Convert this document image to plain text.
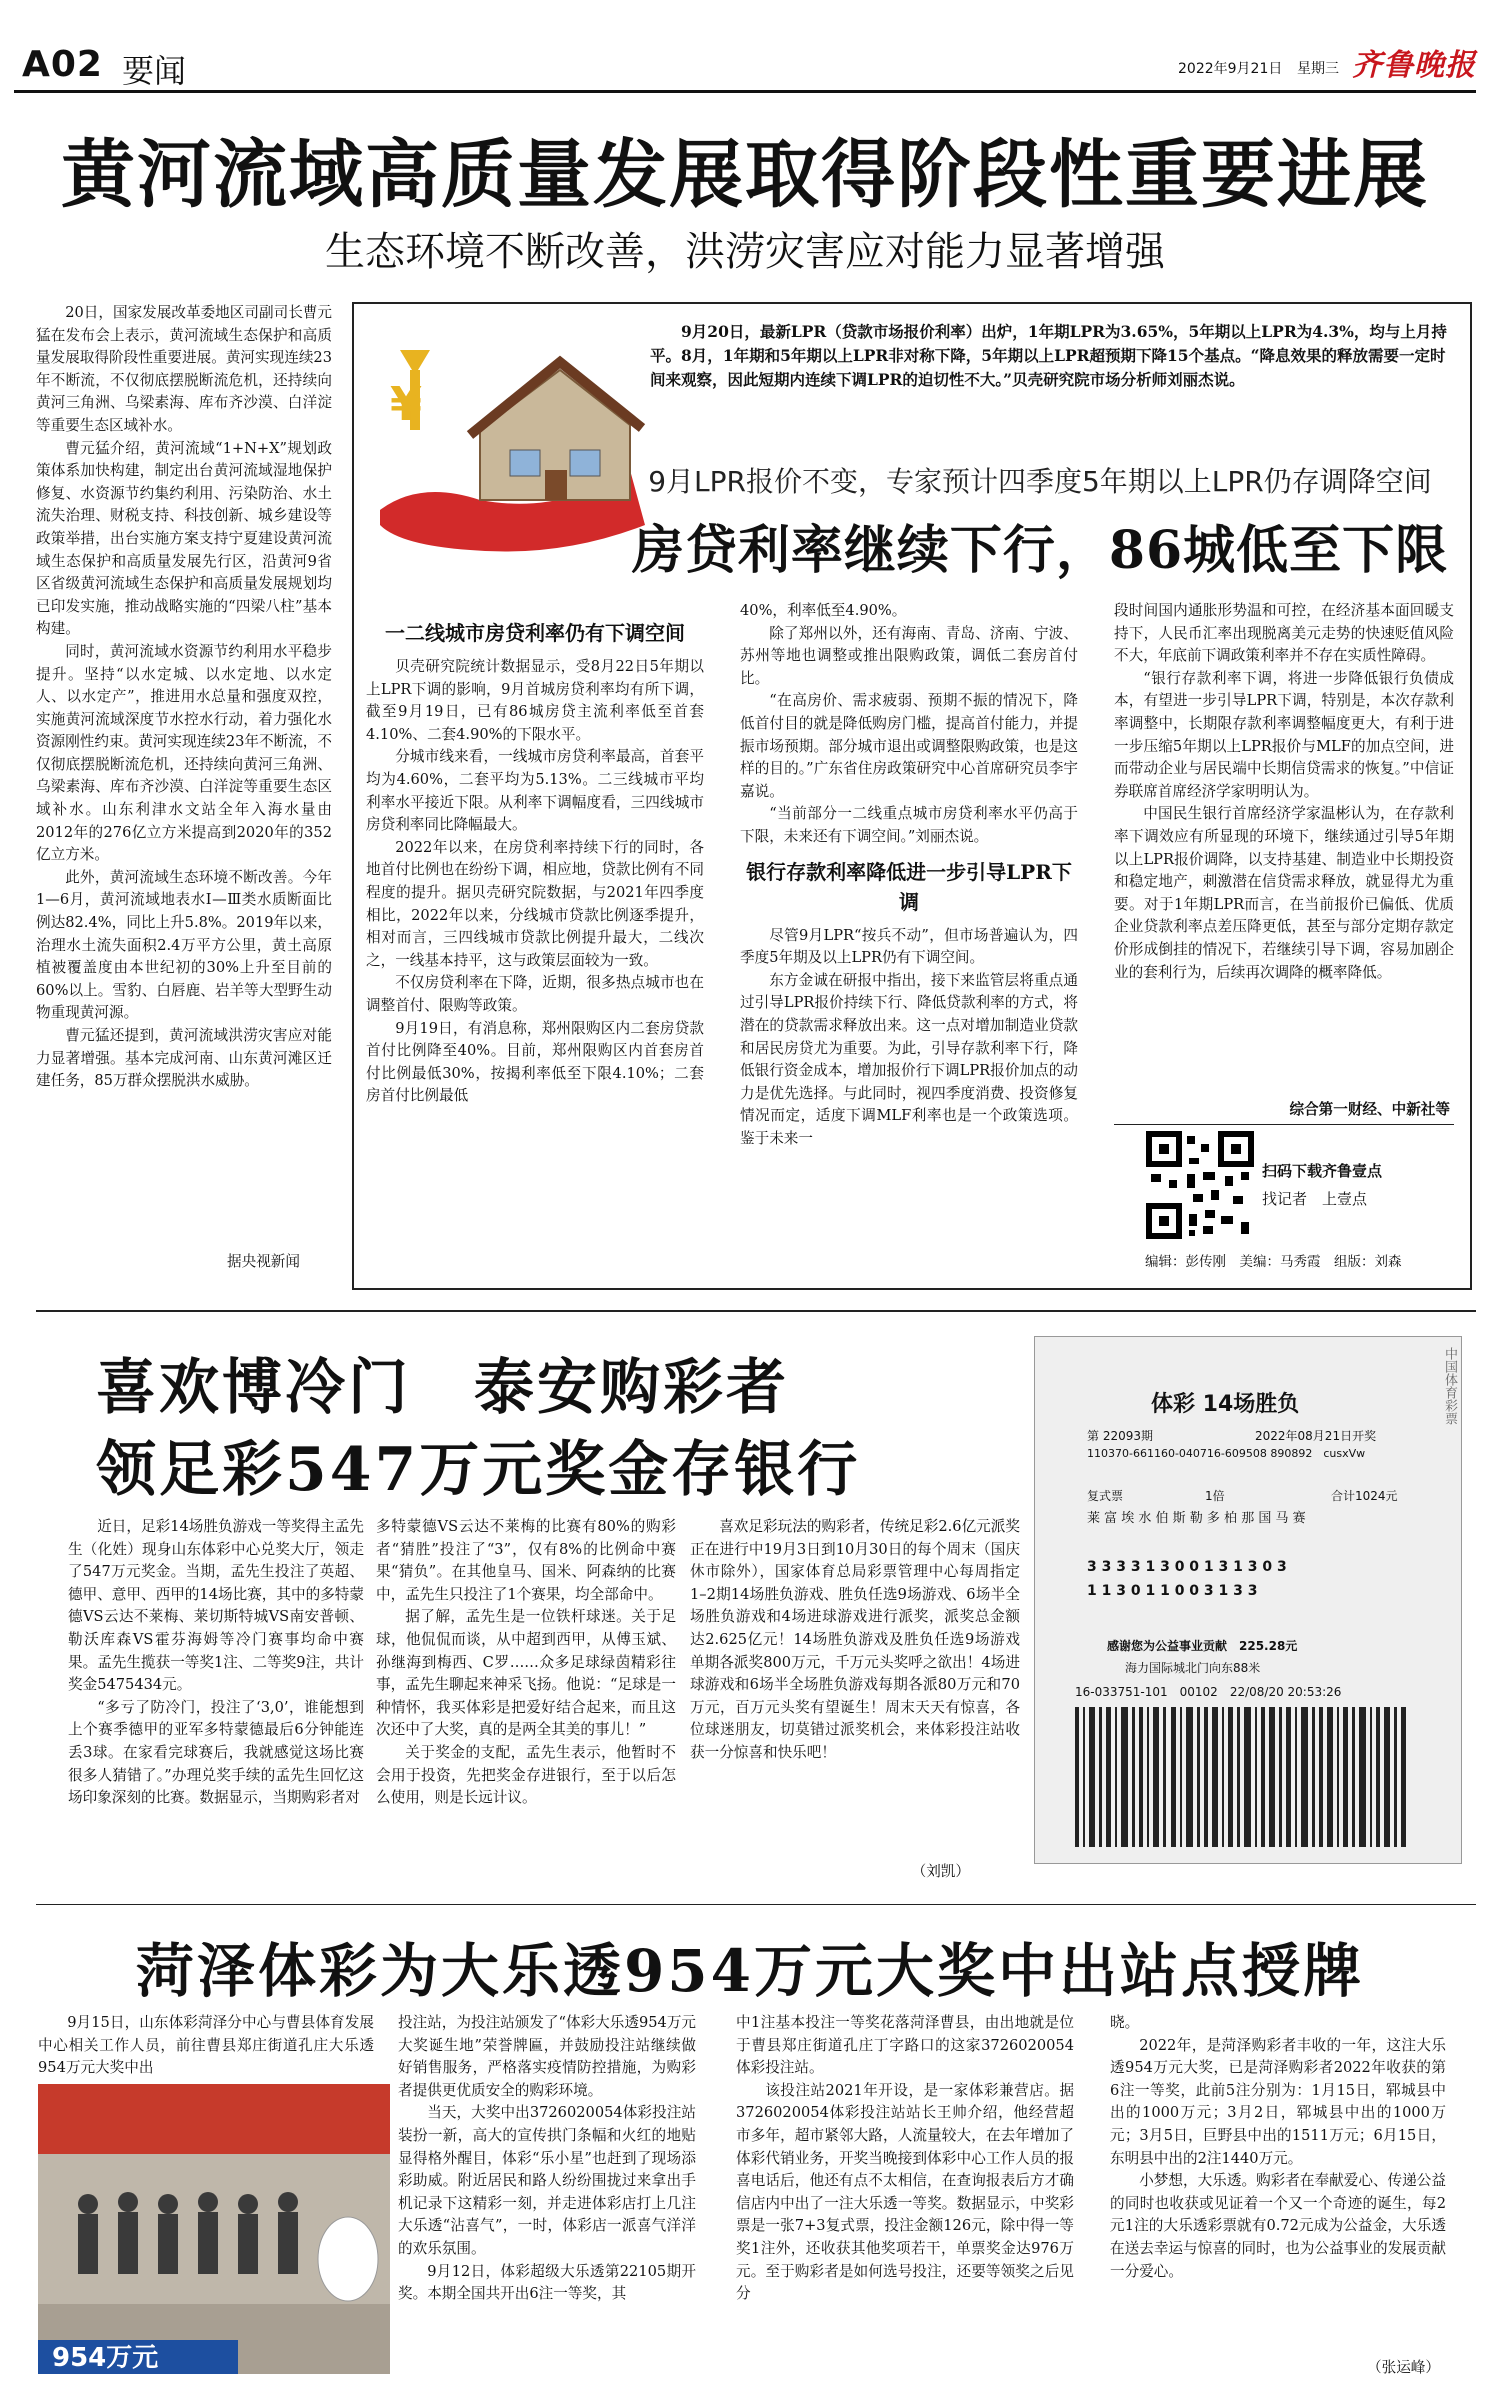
A02 要闻	2022年9月21日 星期三 齐鲁晚报
黄河流域高质量发展取得阶段性重要进展
生态环境不断改善，洪涝灾害应对能力显著增强

20日，国家发展改革委地区司副司长曹元猛在发布会上表示，黄河流域生态保护和高质量发展取得阶段性重要进展。黄河实现连续23年不断流，不仅彻底摆脱断流危机，还持续向黄河三角洲、乌梁素海、库布齐沙漠、白洋淀等重要生态区域补水。

曹元猛介绍，黄河流域“1+N+X”规划政策体系加快构建，制定出台黄河流域湿地保护修复、水资源节约集约利用、污染防治、水土流失治理、财税支持、科技创新、城乡建设等政策举措，出台实施方案支持宁夏建设黄河流域生态保护和高质量发展先行区，沿黄河9省区省级黄河流域生态保护和高质量发展规划均已印发实施，推动战略实施的“四梁八柱”基本构建。

同时，黄河流域水资源节约利用水平稳步提升。坚持“以水定城、以水定地、以水定人、以水定产”，推进用水总量和强度双控，实施黄河流域深度节水控水行动，着力强化水资源刚性约束。黄河实现连续23年不断流，不仅彻底摆脱断流危机，还持续向黄河三角洲、乌梁素海、库布齐沙漠、白洋淀等重要生态区域补水。山东利津水文站全年入海水量由2012年的276亿立方米提高到2020年的352亿立方米。

此外，黄河流域生态环境不断改善。今年1—6月，黄河流域地表水Ⅰ—Ⅲ类水质断面比例达82.4%，同比上升5.8%。2019年以来，治理水土流失面积2.4万平方公里，黄土高原植被覆盖度由本世纪初的30%上升至目前的60%以上。雪豹、白唇鹿、岩羊等大型野生动物重现黄河源。

曹元猛还提到，黄河流域洪涝灾害应对能力显著增强。基本完成河南、山东黄河滩区迁建任务，85万群众摆脱洪水威胁。

据央视新闻
¥
9月20日，最新LPR（贷款市场报价利率）出炉，1年期LPR为3.65%，5年期以上LPR为4.3%，均与上月持平。8月，1年期和5年期以上LPR非对称下降，5年期以上LPR超预期下降15个基点。“降息效果的释放需要一定时间来观察，因此短期内连续下调LPR的迫切性不大。”贝壳研究院市场分析师刘丽杰说。
9月LPR报价不变，专家预计四季度5年期以上LPR仍存调降空间
房贷利率继续下行，86城低至下限
一二线城市房贷利率仍有下调空间

贝壳研究院统计数据显示，受8月22日5年期以上LPR下调的影响，9月首城房贷利率均有所下调，截至9月19日，已有86城房贷主流利率低至首套4.10%、二套4.90%的下限水平。

分城市线来看，一线城市房贷利率最高，首套平均为4.60%，二套平均为5.13%。二三线城市平均利率水平接近下限。从利率下调幅度看，三四线城市房贷利率同比降幅最大。

2022年以来，在房贷利率持续下行的同时，各地首付比例也在纷纷下调，相应地，贷款比例有不同程度的提升。据贝壳研究院数据，与2021年四季度相比，2022年以来，分线城市贷款比例逐季提升，相对而言，三四线城市贷款比例提升最大，二线次之，一线基本持平，这与政策层面较为一致。

不仅房贷利率在下降，近期，很多热点城市也在调整首付、限购等政策。

9月19日，有消息称，郑州限购区内二套房贷款首付比例降至40%。目前，郑州限购区内首套房首付比例最低30%，按揭利率低至下限4.10%；二套房首付比例最低

40%，利率低至4.90%。

除了郑州以外，还有海南、青岛、济南、宁波、苏州等地也调整或推出限购政策，调低二套房首付比。

“在高房价、需求疲弱、预期不振的情况下，降低首付目的就是降低购房门槛，提高首付能力，并提振市场预期。部分城市退出或调整限购政策，也是这样的目的。”广东省住房政策研究中心首席研究员李宇嘉说。

“当前部分一二线重点城市房贷利率水平仍高于下限，未来还有下调空间。”刘丽杰说。

银行存款利率降低进一步引导LPR下调

尽管9月LPR“按兵不动”，但市场普遍认为，四季度5年期及以上LPR仍有下调空间。

东方金诚在研报中指出，接下来监管层将重点通过引导LPR报价持续下行、降低贷款利率的方式，将潜在的贷款需求释放出来。这一点对增加制造业贷款和居民房贷尤为重要。为此，引导存款利率下行，降低银行资金成本，增加报价行下调LPR报价加点的动力是优先选择。与此同时，视四季度消费、投资修复情况而定，适度下调MLF利率也是一个政策选项。鉴于未来一

段时间国内通胀形势温和可控，在经济基本面回暖支持下，人民币汇率出现脱离美元走势的快速贬值风险不大，年底前下调政策利率并不存在实质性障碍。

“银行存款利率下调，将进一步降低银行负债成本，有望进一步引导LPR下调，特别是，本次存款利率调整中，长期限存款利率调整幅度更大，有利于进一步压缩5年期以上LPR报价与MLF的加点空间，进而带动企业与居民端中长期信贷需求的恢复。”中信证券联席首席经济学家明明认为。

中国民生银行首席经济学家温彬认为，在存款利率下调效应有所显现的环境下，继续通过引导5年期以上LPR报价调降，以支持基建、制造业中长期投资和稳定地产，刺激潜在信贷需求释放，就显得尤为重要。对于1年期LPR而言，在当前报价已偏低、优质企业贷款利率点差压降更低，甚至与部分定期存款定价形成倒挂的情况下，若继续引导下调，容易加剧企业的套利行为，后续再次调降的概率降低。

综合第一财经、中新社等
扫码下载齐鲁壹点
找记者　上壹点
编辑：彭传刚　美编：马秀霞　组版：刘森
喜欢博冷门　泰安购彩者
领足彩547万元奖金存银行

近日，足彩14场胜负游戏一等奖得主孟先生（化姓）现身山东体彩中心兑奖大厅，领走了547万元奖金。当期，孟先生投注了英超、德甲、意甲、西甲的14场比赛，其中的多特蒙德VS云达不莱梅、莱切斯特城VS南安普顿、勒沃库森VS霍芬海姆等冷门赛事均命中赛果。孟先生揽获一等奖1注、二等奖9注，共计奖金5475434元。

“多亏了防冷门，投注了‘3,0’，谁能想到上个赛季德甲的亚军多特蒙德最后6分钟能连丢3球。在家看完球赛后，我就感觉这场比赛很多人猜错了。”办理兑奖手续的孟先生回忆这场印象深刻的比赛。数据显示，当期购彩者对

多特蒙德VS云达不莱梅的比赛有80%的购彩者“猜胜”投注了“3”，仅有8%的比例命中赛果“猜负”。在其他皇马、国米、阿森纳的比赛中，孟先生只投注了1个赛果，均全部命中。

据了解，孟先生是一位铁杆球迷。关于足球，他侃侃而谈，从中超到西甲，从傅玉斌、孙继海到梅西、C罗……众多足球绿茵精彩往事，孟先生聊起来神采飞扬。他说：“足球是一种情怀，我买体彩是把爱好结合起来，而且这次还中了大奖，真的是两全其美的事儿！”

关于奖金的支配，孟先生表示，他暂时不会用于投资，先把奖金存进银行，至于以后怎么使用，则是长远计议。

喜欢足彩玩法的购彩者，传统足彩2.6亿元派奖正在进行中19月3日到10月30日的每个周末（国庆休市除外），国家体育总局彩票管理中心每周指定1–2期14场胜负游戏、胜负任选9场游戏、6场半全场胜负游戏和4场进球游戏进行派奖，派奖总金额达2.625亿元！14场胜负游戏及胜负任选9场游戏单期各派奖800万元，千万元头奖呼之欲出！4场进球游戏和6场半全场胜负游戏每期各派80万元和70万元，百万元头奖有望诞生！周末天天有惊喜，各位球迷朋友，切莫错过派奖机会，来体彩投注站收获一分惊喜和快乐吧！

（刘凯）
中国体育彩票
体彩 14场胜负
第 22093期	2022年08月21日开奖
110370-661160-040716-609508 890892　cusxVw
复式票	1倍	合计1024元
莱 富 埃 水 伯 斯 勒 多 柏 那 国 马 赛
3 3 3 3 1 3 0 0 1 3 1 3 0 3
1 1 3 0 1 1 0 0 3 1 3 3
感谢您为公益事业贡献　225.28元
海力国际城北门向东88米
16-033751-101　00102　22/08/20 20:53:26
菏泽体彩为大乐透954万元大奖中出站点授牌

9月15日，山东体彩菏泽分中心与曹县体育发展中心相关工作人员，前往曹县郑庄街道孔庄大乐透954万元大奖中出

954万元

投注站，为投注站颁发了“体彩大乐透954万元大奖诞生地”荣誉牌匾，并鼓励投注站继续做好销售服务，严格落实疫情防控措施，为购彩者提供更优质安全的购彩环境。

当天，大奖中出3726020054体彩投注站装扮一新，高大的宣传拱门条幅和火红的地贴显得格外醒目，体彩“乐小星”也赶到了现场添彩助威。附近居民和路人纷纷围拢过来拿出手机记录下这精彩一刻，并走进体彩店打上几注大乐透“沾喜气”，一时，体彩店一派喜气洋洋的欢乐氛围。

9月12日，体彩超级大乐透第22105期开奖。本期全国共开出6注一等奖，其

中1注基本投注一等奖花落菏泽曹县，由出地就是位于曹县郑庄街道孔庄丁字路口的这家3726020054体彩投注站。

该投注站2021年开设，是一家体彩兼营店。据3726020054体彩投注站站长王帅介绍，他经营超市多年，超市紧邻大路，人流量较大，在去年增加了体彩代销业务，开奖当晚接到体彩中心工作人员的报喜电话后，他还有点不太相信，在查询报表后方才确信店内中出了一注大乐透一等奖。数据显示，中奖彩票是一张7+3复式票，投注金额126元，除中得一等奖1注外，还收获其他奖项若干，单票奖金达976万元。至于购彩者是如何选号投注，还要等领奖之后见分

晓。

2022年，是菏泽购彩者丰收的一年，这注大乐透954万元大奖，已是菏泽购彩者2022年收获的第6注一等奖，此前5注分别为：1月15日，郓城县中出的1000万元；3月2日，郓城县中出的1000万元；3月5日，巨野县中出的1511万元；6月15日，东明县中出的2注1440万元。

小梦想，大乐透。购彩者在奉献爱心、传递公益的同时也收获或见证着一个又一个奇迹的诞生，每2元1注的大乐透彩票就有0.72元成为公益金，大乐透在送去幸运与惊喜的同时，也为公益事业的发展贡献一分爱心。

（张运峰）
